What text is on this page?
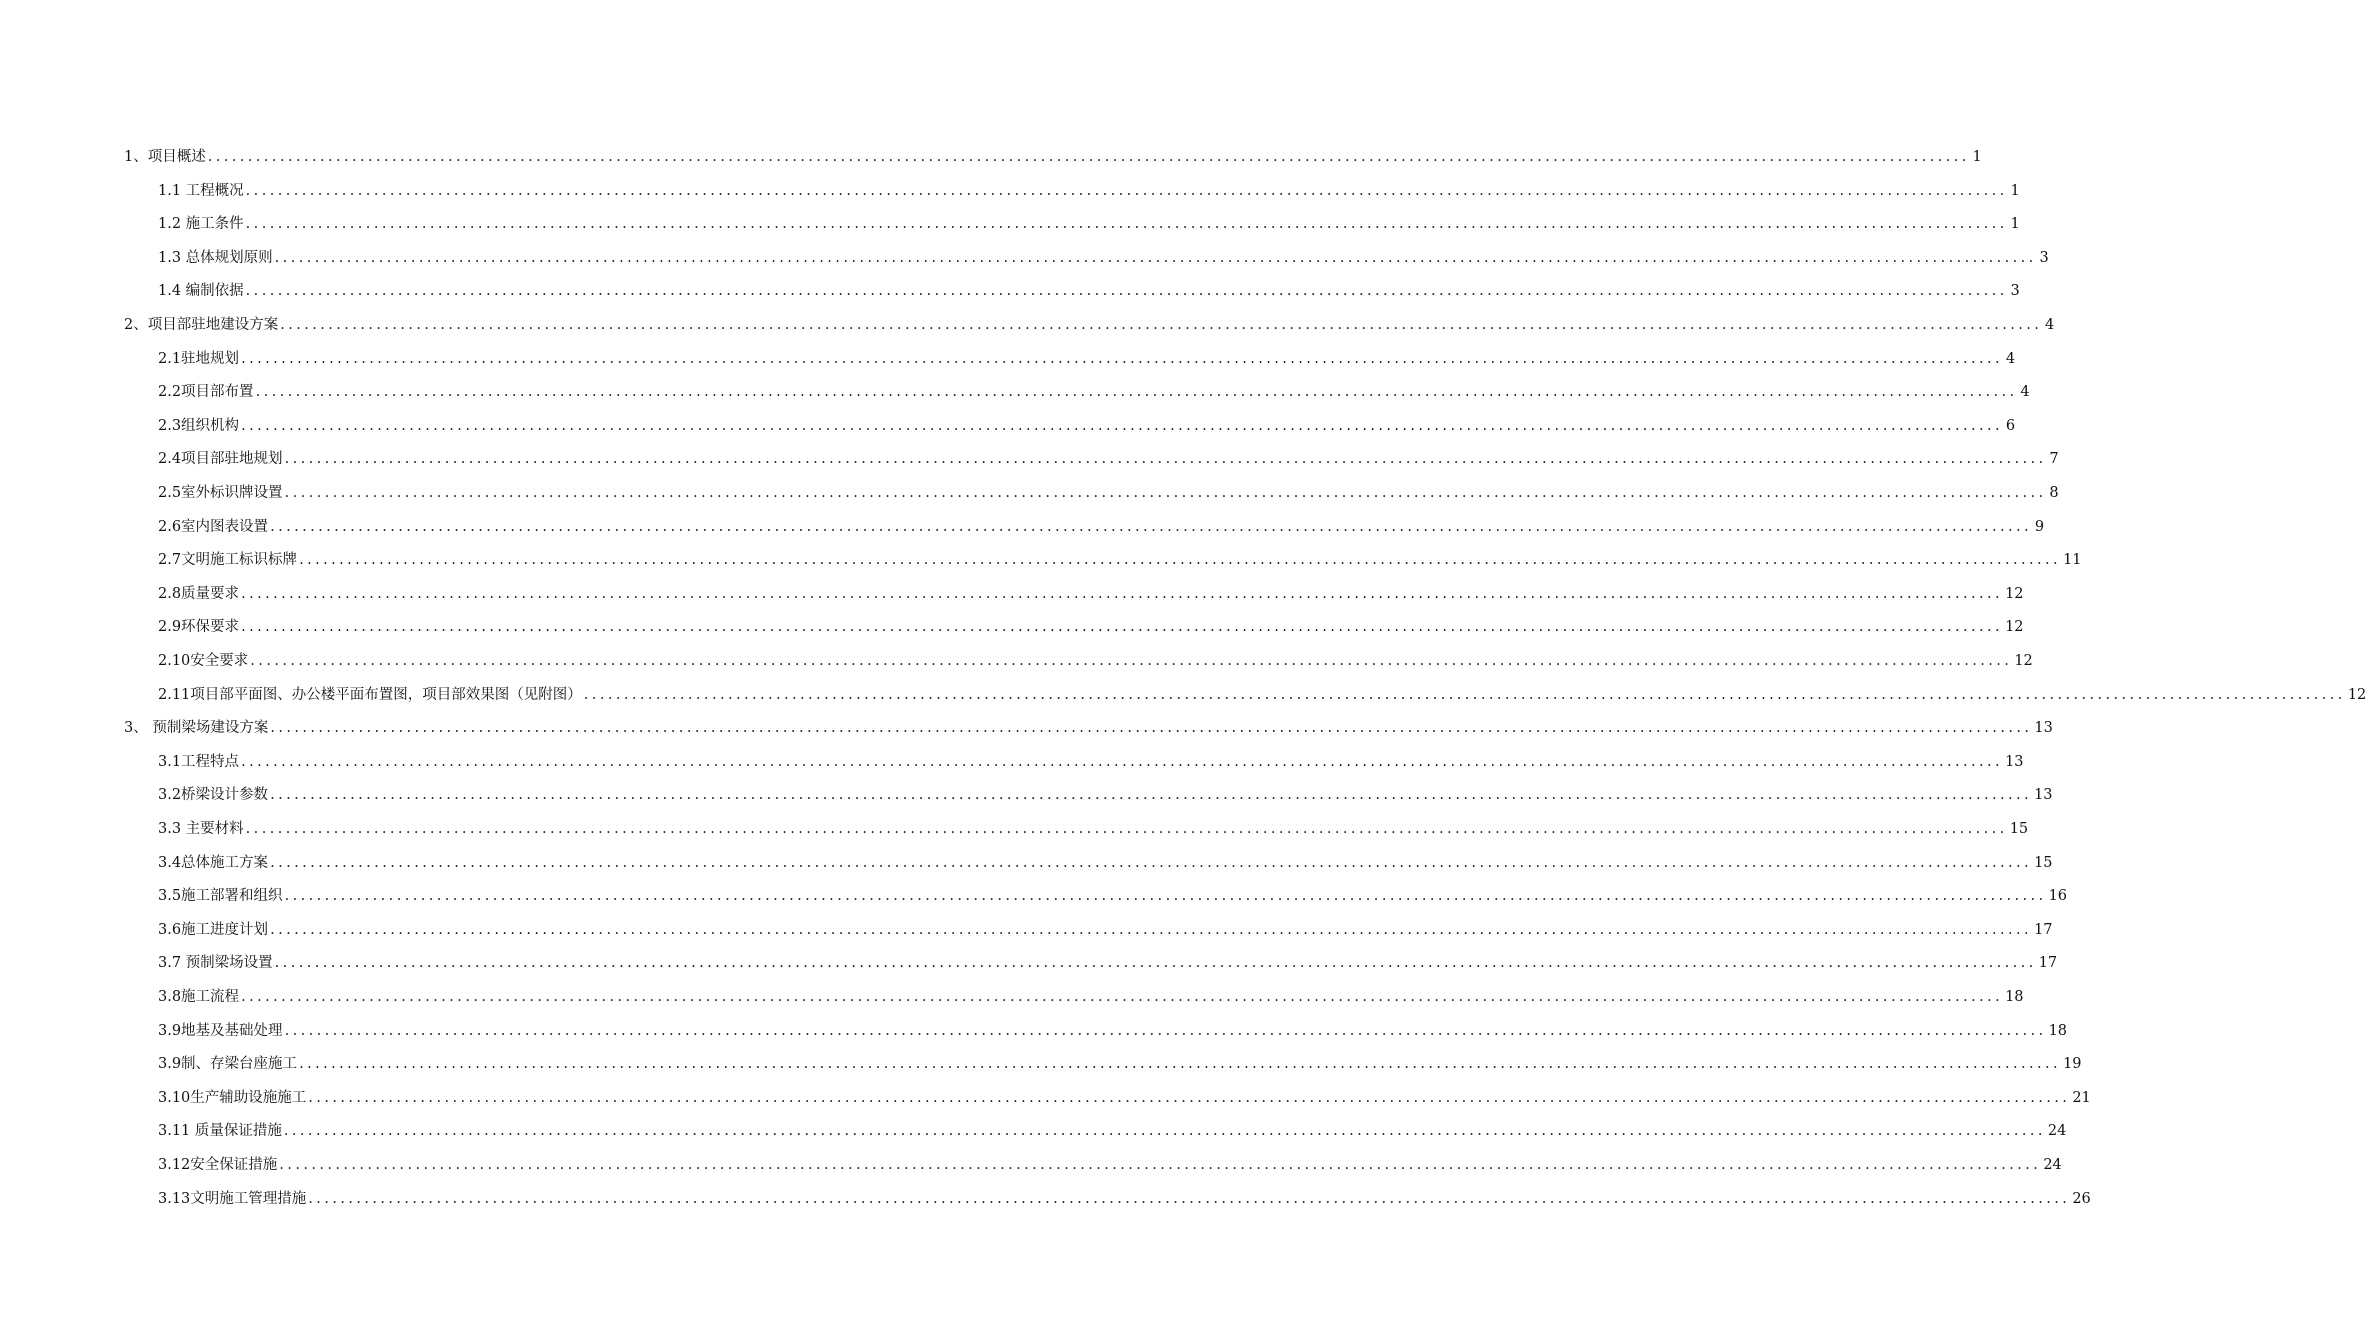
1、项目概述 ............................................................................................................................................................................................................................ 1
1.1 工程概况 ............................................................................................................................................................................................................................ 1
1.2 施工条件 ............................................................................................................................................................................................................................ 1
1.3 总体规划原则 ............................................................................................................................................................................................................................ 3
1.4 编制依据 ............................................................................................................................................................................................................................ 3
2、项目部驻地建设方案 ............................................................................................................................................................................................................................ 4
2.1驻地规划 ............................................................................................................................................................................................................................ 4
2.2项目部布置 ............................................................................................................................................................................................................................ 4
2.3组织机构 ............................................................................................................................................................................................................................ 6
2.4项目部驻地规划 ............................................................................................................................................................................................................................ 7
2.5室外标识牌设置 ............................................................................................................................................................................................................................ 8
2.6室内图表设置 ............................................................................................................................................................................................................................ 9
2.7文明施工标识标牌 ............................................................................................................................................................................................................................ 11
2.8质量要求 ............................................................................................................................................................................................................................ 12
2.9环保要求 ............................................................................................................................................................................................................................ 12
2.10安全要求 ............................................................................................................................................................................................................................ 12
2.11项目部平面图、办公楼平面布置图，项目部效果图（见附图） ............................................................................................................................................................................................................................ 12
3、 预制梁场建设方案 ............................................................................................................................................................................................................................ 13
3.1工程特点 ............................................................................................................................................................................................................................ 13
3.2桥梁设计参数 ............................................................................................................................................................................................................................ 13
3.3 主要材料 ............................................................................................................................................................................................................................ 15
3.4总体施工方案 ............................................................................................................................................................................................................................ 15
3.5施工部署和组织 ............................................................................................................................................................................................................................ 16
3.6施工进度计划 ............................................................................................................................................................................................................................ 17
3.7 预制梁场设置 ............................................................................................................................................................................................................................ 17
3.8施工流程 ............................................................................................................................................................................................................................ 18
3.9地基及基础处理 ............................................................................................................................................................................................................................ 18
3.9制、存梁台座施工 ............................................................................................................................................................................................................................ 19
3.10生产辅助设施施工 ............................................................................................................................................................................................................................ 21
3.11 质量保证措施 ............................................................................................................................................................................................................................ 24
3.12安全保证措施 ............................................................................................................................................................................................................................ 24
3.13文明施工管理措施 ............................................................................................................................................................................................................................ 26
